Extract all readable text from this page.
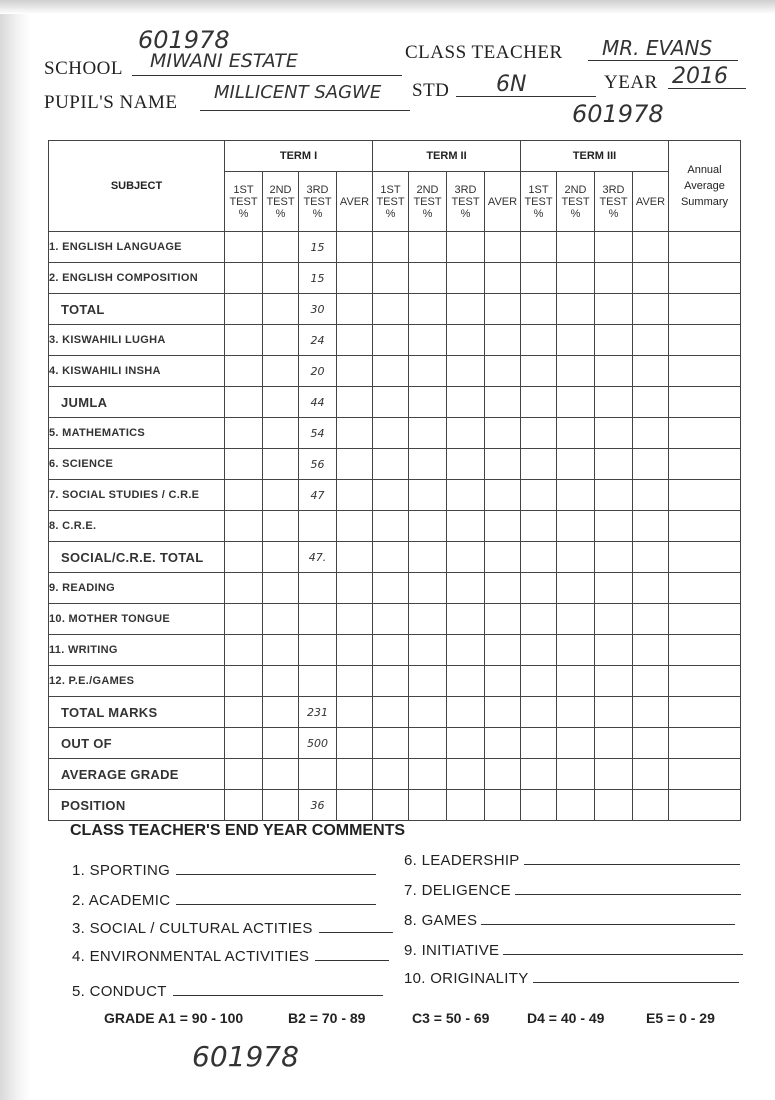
601978
SCHOOL MIWANI ESTATE	CLASS TEACHER MR. EVANS
PUPIL'S NAME MILLICENT SAGWE STD 6N	YEAR 2016
601978
SUBJECT	TERM I				TERM II				TERM III				Annual Average Summary

	1ST
TEST
%	2ND
TEST
%	3RD
TEST
%	AVER	1ST
TEST
%	2ND
TEST
%	3RD
TEST
%	AVER	1ST
TEST
%	2ND
TEST
%	3RD
TEST
%	AVER	

1. ENGLISH LANGUAGE			15										
2. ENGLISH COMPOSITION			15										
TOTAL			30										
3. KISWAHILI LUGHA			24										
4. KISWAHILI INSHA			20										
JUMLA			44										
5. MATHEMATICS			54										
6. SCIENCE			56										
7. SOCIAL STUDIES / C.R.E			47										
8. C.R.E.													
SOCIAL/C.R.E. TOTAL			47.										
9. READING													
10. MOTHER TONGUE													
11. WRITING													
12. P.E./GAMES													
TOTAL MARKS			231										
OUT OF			500										
AVERAGE GRADE													
POSITION			36										
CLASS TEACHER'S END YEAR COMMENTS
1. SPORTING
2. ACADEMIC
3. SOCIAL / CULTURAL ACTITIES
4. ENVIRONMENTAL ACTIVITIES
5. CONDUCT
6. LEADERSHIP
7. DELIGENCE
8. GAMES
9. INITIATIVE
10. ORIGINALITY
GRADE A1 = 90 - 100	B2 = 70 - 89	C3 = 50 - 69	D4 = 40 - 49	E5 = 0 - 29
601978
